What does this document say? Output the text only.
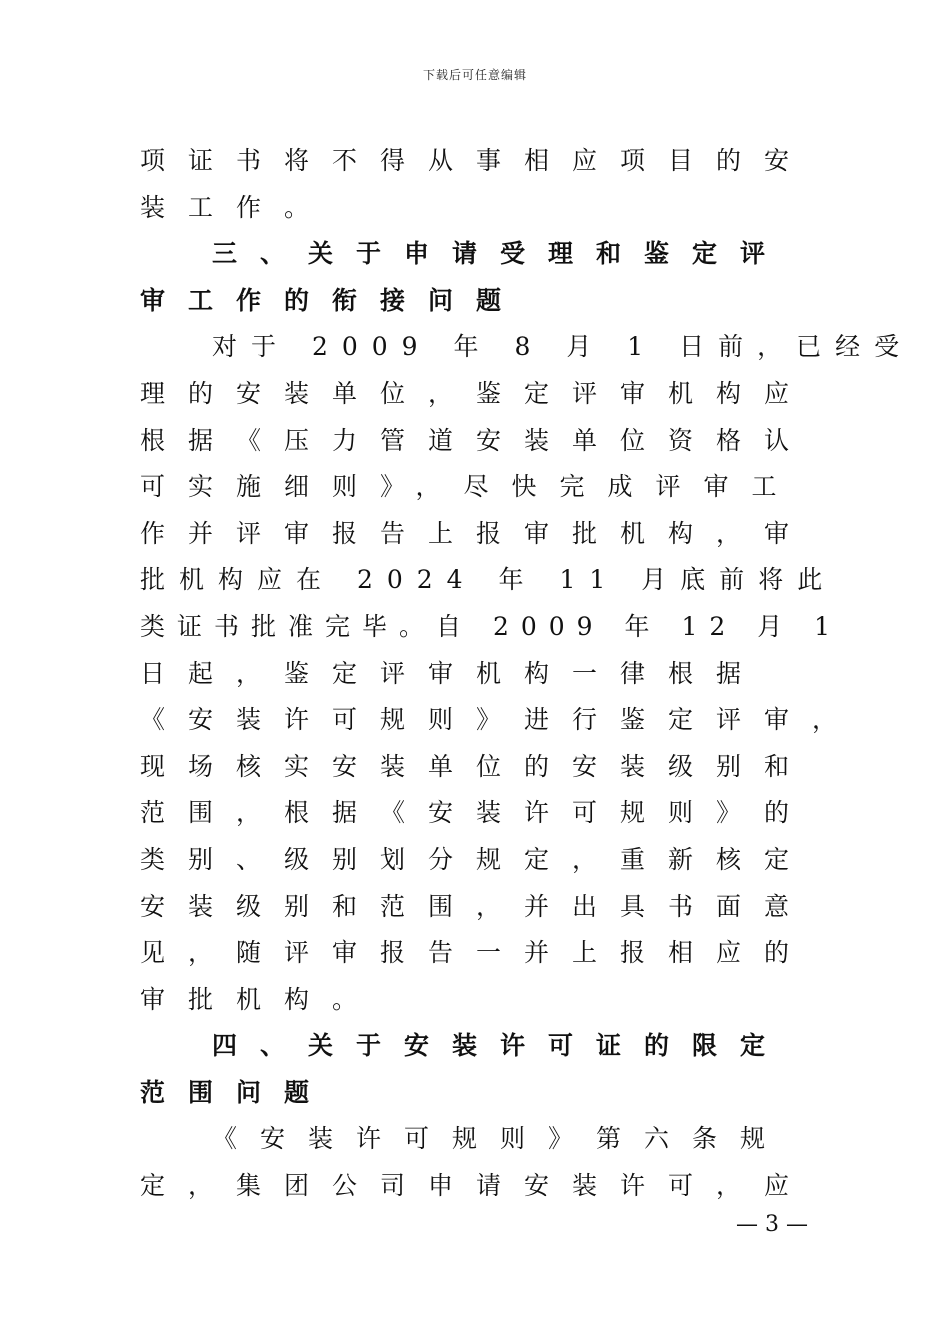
下载后可任意编辑
项证书将不得从事相应项目的安
装工作。
三、关于申请受理和鉴定评
审工作的衔接问题
对于 2009 年 8 月 1 日前，已经受
理的安装单位，鉴定评审机构应
根据《压力管道安装单位资格认
可实施细则》，尽快完成评审工
作并评审报告上报审批机构，审
批机构应在 2024 年 11 月底前将此
类证书批准完毕。自 2009 年 12 月 1
日起，鉴定评审机构一律根据
《安装许可规则》进行鉴定评审，
现场核实安装单位的安装级别和
范围，根据《安装许可规则》的
类别、级别划分规定，重新核定
安装级别和范围，并出具书面意
见，随评审报告一并上报相应的
审批机构。
四、关于安装许可证的限定
范围问题
《安装许可规则》第六条规
定，集团公司申请安装许可，应
— 3 —
